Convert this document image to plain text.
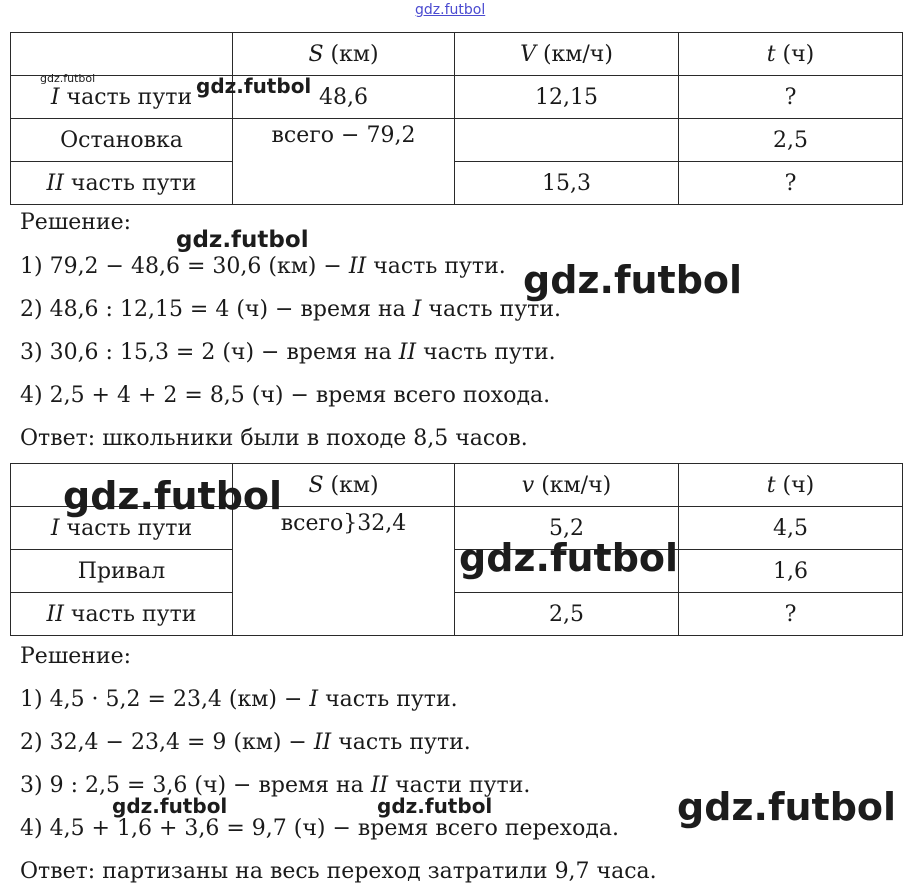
	S (км)	V (км/ч)	t (ч)
I часть пути	48,6	12,15	?
Остановка	всего − 79,2		2,5
II часть пути		15,3	?
Решение:
1) 79,2 − 48,6 = 30,6 (км) − II часть пути.
2) 48,6 : 12,15 = 4 (ч) − время на I часть пути.
3) 30,6 : 15,3 = 2 (ч) − время на II часть пути.
4) 2,5 + 4 + 2 = 8,5 (ч) − время всего похода.
Ответ: школьники были в походе 8,5 часов.
	S (км)	v (км/ч)	t (ч)
I часть пути	всего}32,4	5,2	4,5
Привал			1,6
II часть пути		2,5	?
Решение:
1) 4,5 · 5,2 = 23,4 (км) − I часть пути.
2) 32,4 − 23,4 = 9 (км) − II часть пути.
3) 9 : 2,5 = 3,6 (ч) − время на II части пути.
4) 4,5 + 1,6 + 3,6 = 9,7 (ч) − время всего перехода.
Ответ: партизаны на весь переход затратили 9,7 часа.
gdz.futbol
gdz.futbol	gdz.futbol
gdz.futbol
gdz.futbol
gdz.futbol
gdz.futbol
gdz.futbol
gdz.futbol	gdz.futbol
